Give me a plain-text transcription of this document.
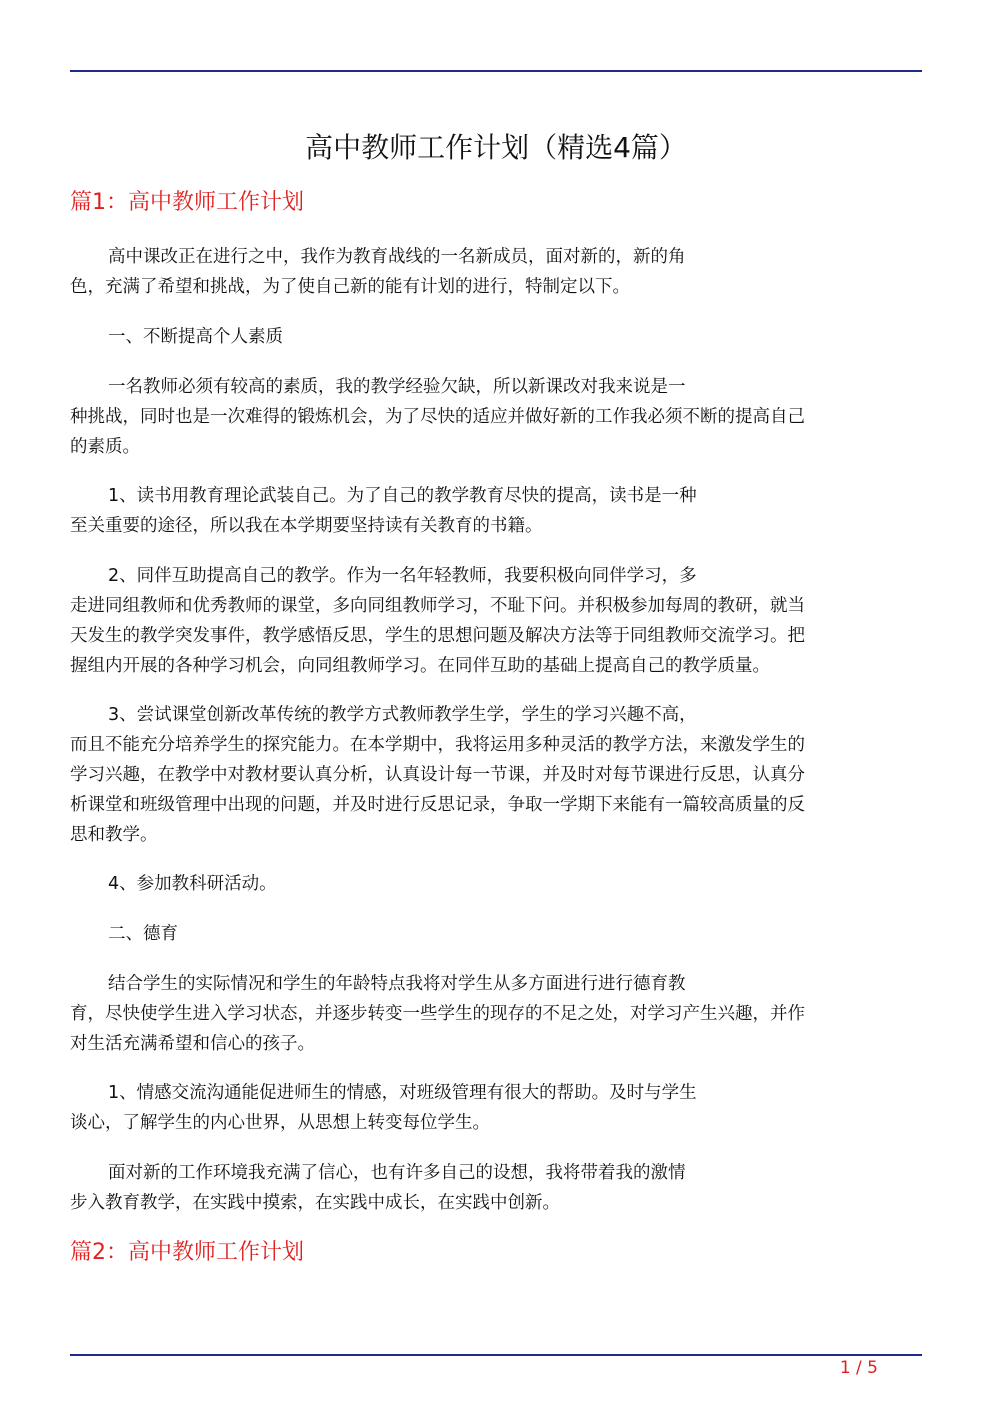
高中教师工作计划（精选4篇）
篇1：高中教师工作计划
高中课改正在进行之中，我作为教育战线的一名新成员，面对新的，新的角
色，充满了希望和挑战，为了使自己新的能有计划的进行，特制定以下。
一、不断提高个人素质
一名教师必须有较高的素质，我的教学经验欠缺，所以新课改对我来说是一
种挑战，同时也是一次难得的锻炼机会，为了尽快的适应并做好新的工作我必须不断的提高自己
的素质。
1、读书用教育理论武装自己。为了自己的教学教育尽快的提高，读书是一种
至关重要的途径，所以我在本学期要坚持读有关教育的书籍。
2、同伴互助提高自己的教学。作为一名年轻教师，我要积极向同伴学习，多
走进同组教师和优秀教师的课堂，多向同组教师学习，不耻下问。并积极参加每周的教研，就当
天发生的教学突发事件，教学感悟反思，学生的思想问题及解决方法等于同组教师交流学习。把
握组内开展的各种学习机会，向同组教师学习。在同伴互助的基础上提高自己的教学质量。
3、尝试课堂创新改革传统的教学方式教师教学生学，学生的学习兴趣不高，
而且不能充分培养学生的探究能力。在本学期中，我将运用多种灵活的教学方法，来激发学生的
学习兴趣，在教学中对教材要认真分析，认真设计每一节课，并及时对每节课进行反思，认真分
析课堂和班级管理中出现的问题，并及时进行反思记录，争取一学期下来能有一篇较高质量的反
思和教学。
4、参加教科研活动。
二、德育
结合学生的实际情况和学生的年龄特点我将对学生从多方面进行进行德育教
育，尽快使学生进入学习状态，并逐步转变一些学生的现存的不足之处，对学习产生兴趣，并作
对生活充满希望和信心的孩子。
1、情感交流沟通能促进师生的情感，对班级管理有很大的帮助。及时与学生
谈心，了解学生的内心世界，从思想上转变每位学生。
面对新的工作环境我充满了信心，也有许多自己的设想，我将带着我的激情
步入教育教学，在实践中摸索，在实践中成长，在实践中创新。
篇2：高中教师工作计划
1 / 5
